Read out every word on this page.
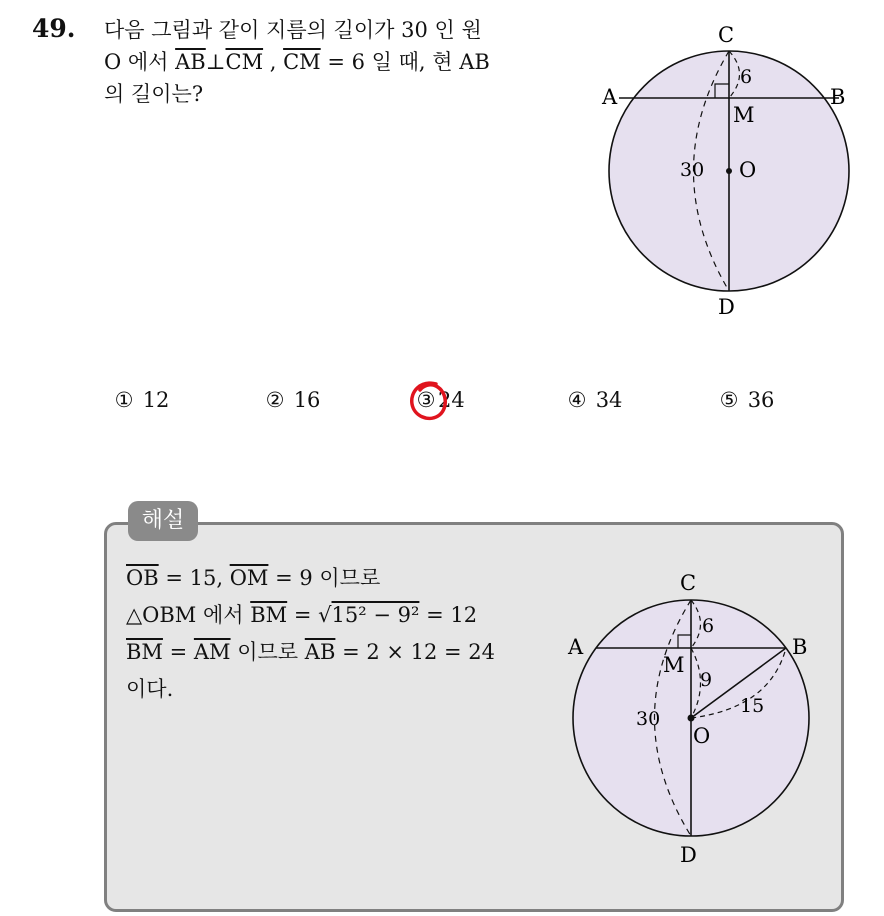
49. 다음 그림과 같이 지름의 길이가 30 인 원
O 에서 $\overline{AB}\perp\overline{CM}$ , $\overline{CM} = 6$ 일 때, 현 AB
의 길이는?
C
A	B
M
6
30 O
D
① 12	② 16	③ 24	④ 34	⑤ 36
해설
$\overline{OB} = 15$, $\overline{OM} = 9$ 이므로
△OBM 에서 $\overline{BM} = √15^2 - 9^2 = 12$
$\overline{BM} = \overline{AM}$ 이므로 $\overline{AB} = 2 \times 12 = 24$
이다.
C
A	B
M
6
9
15
30
O
D
